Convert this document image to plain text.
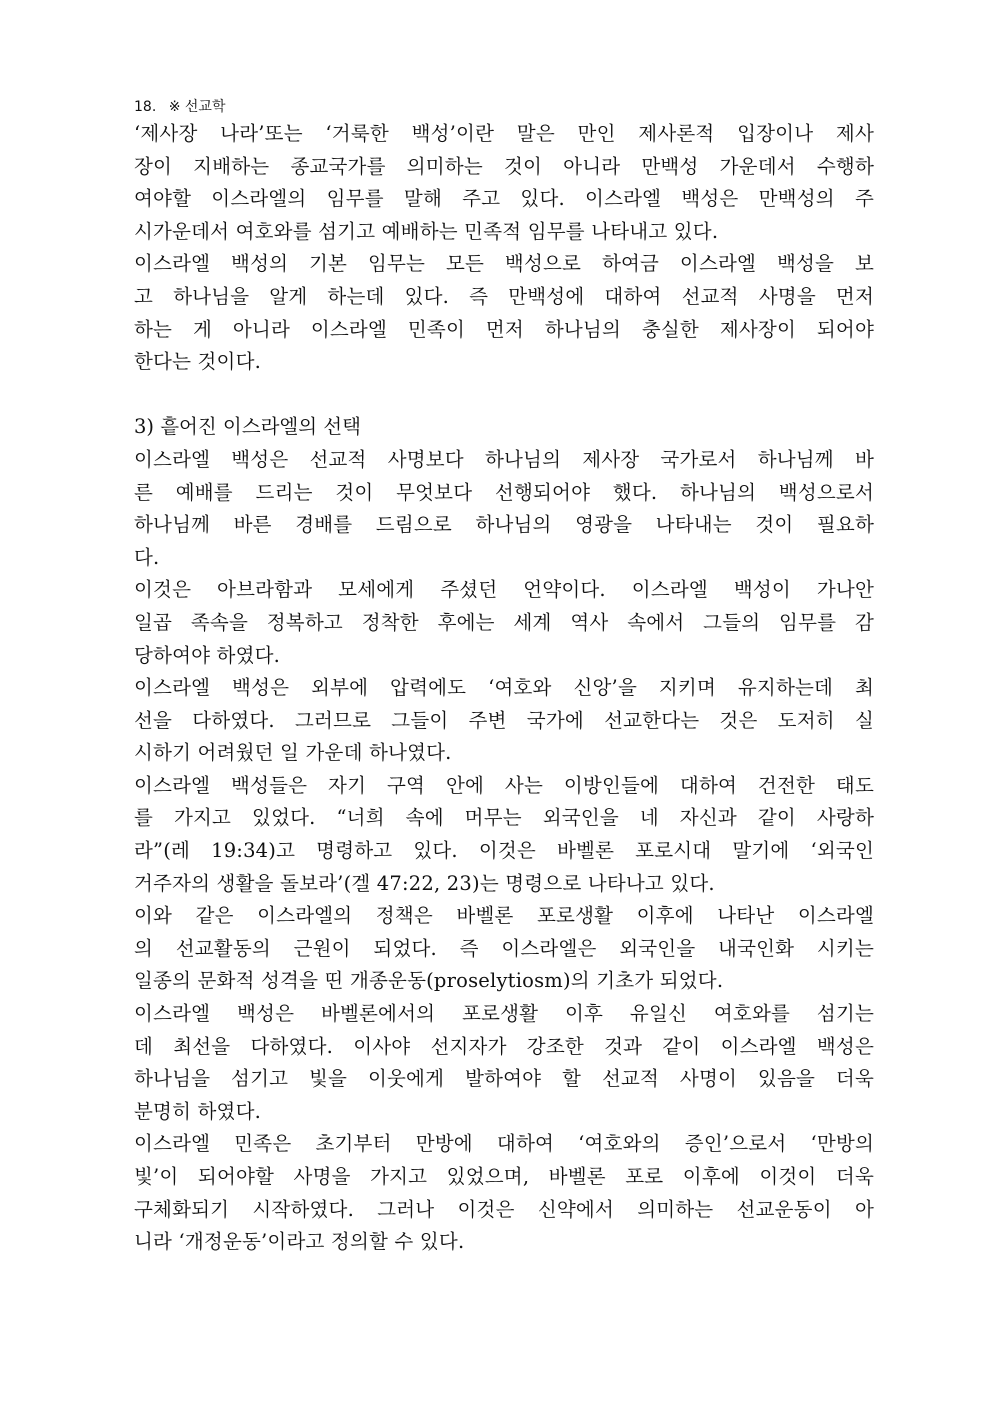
18. ※ 선교학
‘제사장 나라’또는 ‘거룩한 백성’이란 말은 만인 제사론적 입장이나 제사
장이 지배하는 종교국가를 의미하는 것이 아니라 만백성 가운데서 수행하
여야할 이스라엘의 임무를 말해 주고 있다. 이스라엘 백성은 만백성의 주
시가운데서 여호와를 섬기고 예배하는 민족적 임무를 나타내고 있다.
이스라엘 백성의 기본 임무는 모든 백성으로 하여금 이스라엘 백성을 보
고 하나님을 알게 하는데 있다. 즉 만백성에 대하여 선교적 사명을 먼저
하는 게 아니라 이스라엘 민족이 먼저 하나님의 충실한 제사장이 되어야
한다는 것이다.
3) 흩어진 이스라엘의 선택
이스라엘 백성은 선교적 사명보다 하나님의 제사장 국가로서 하나님께 바
른 예배를 드리는 것이 무엇보다 선행되어야 했다. 하나님의 백성으로서
하나님께 바른 경배를 드림으로 하나님의 영광을 나타내는 것이 필요하
다.
이것은 아브라함과 모세에게 주셨던 언약이다. 이스라엘 백성이 가나안
일곱 족속을 정복하고 정착한 후에는 세계 역사 속에서 그들의 임무를 감
당하여야 하였다.
이스라엘 백성은 외부에 압력에도 ‘여호와 신앙’을 지키며 유지하는데 최
선을 다하였다. 그러므로 그들이 주변 국가에 선교한다는 것은 도저히 실
시하기 어려웠던 일 가운데 하나였다.
이스라엘 백성들은 자기 구역 안에 사는 이방인들에 대하여 건전한 태도
를 가지고 있었다. “너희 속에 머무는 외국인을 네 자신과 같이 사랑하
라”(레 19:34)고 명령하고 있다. 이것은 바벨론 포로시대 말기에 ‘외국인
거주자의 생활을 돌보라’(겔 47:22, 23)는 명령으로 나타나고 있다.
이와 같은 이스라엘의 정책은 바벨론 포로생활 이후에 나타난 이스라엘
의 선교활동의 근원이 되었다. 즉 이스라엘은 외국인을 내국인화 시키는
일종의 문화적 성격을 띤 개종운동(proselytiosm)의 기초가 되었다.
이스라엘 백성은 바벨론에서의 포로생활 이후 유일신 여호와를 섬기는
데 최선을 다하였다. 이사야 선지자가 강조한 것과 같이 이스라엘 백성은
하나님을 섬기고 빛을 이웃에게 발하여야 할 선교적 사명이 있음을 더욱
분명히 하였다.
이스라엘 민족은 초기부터 만방에 대하여 ‘여호와의 증인’으로서 ‘만방의
빛’이 되어야할 사명을 가지고 있었으며, 바벨론 포로 이후에 이것이 더욱
구체화되기 시작하였다. 그러나 이것은 신약에서 의미하는 선교운동이 아
니라 ‘개정운동’이라고 정의할 수 있다.
